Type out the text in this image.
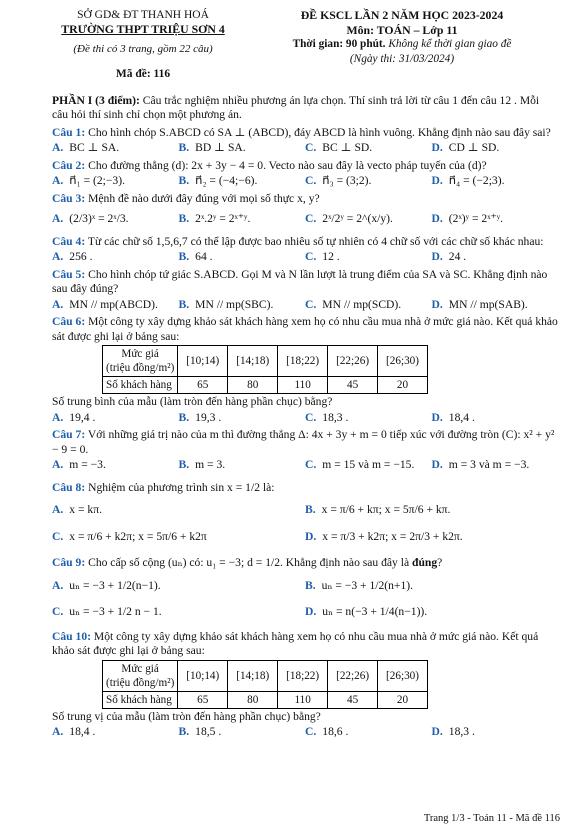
SỞ GD& ĐT THANH HOÁ
TRƯỜNG THPT TRIỆU SƠN 4
(Đề thi có 3 trang, gồm 22 câu)
Mã đề: 116
ĐỀ KSCL LẦN 2 NĂM HỌC 2023-2024
Môn: TOÁN – Lớp 11
Thời gian: 90 phút. Không kể thời gian giao đề
(Ngày thi: 31/03/2024)

PHẦN I (3 điểm): Câu trắc nghiệm nhiều phương án lựa chọn. Thí sinh trả lời từ câu 1 đến câu 12 . Mỗi câu hỏi thí sinh chỉ chọn một phương án.

Câu 1: Cho hình chóp S.ABCD có SA ⊥ (ABCD), đáy ABCD là hình vuông. Khẳng định nào sau đây sai?

A. BC ⊥ SA.	B. BD ⊥ SA.	C. BC ⊥ SD.	D. CD ⊥ SD.

Câu 2: Cho đường thẳng (d): 2x + 3y − 4 = 0. Vecto nào sau đây là vecto pháp tuyến của (d)?

A. n⃗₁ = (2;−3).	B. n⃗₂ = (−4;−6).	C. n⃗₃ = (3;2).	D. n⃗₄ = (−2;3).

Câu 3: Mệnh đề nào dưới đây đúng với mọi số thực x, y?

A. (2/3)ˣ = 2ˣ/3.	B. 2ˣ.2ʸ = 2ˣ⁺ʸ.	C. 2ˣ/2ʸ = 2^(x/y).	D. (2ˣ)ʸ = 2ˣ⁺ʸ.

Câu 4: Từ các chữ số 1,5,6,7 có thể lập được bao nhiêu số tự nhiên có 4 chữ số với các chữ số khác nhau:

A. 256 .	B. 64 .	C. 12 .	D. 24 .

Câu 5: Cho hình chóp tứ giác S.ABCD. Gọi M và N lần lượt là trung điểm của SA và SC. Khẳng định nào sau đây đúng?

A. MN // mp(ABCD).	B. MN // mp(SBC).	C. MN // mp(SCD).	D. MN // mp(SAB).

Câu 6: Một công ty xây dựng khảo sát khách hàng xem họ có nhu cầu mua nhà ở mức giá nào. Kết quả khảo sát được ghi lại ở bảng sau:

Mức giá
(triệu đồng/m²)	[10;14)	[14;18)	[18;22)	[22;26)	[26;30)
Số khách hàng	65	80	110	45	20

Số trung bình của mẫu (làm tròn đến hàng phần chục) bằng?

A. 19,4 .	B. 19,3 .	C. 18,3 .	D. 18,4 .

Câu 7: Với những giá trị nào của m thì đường thẳng Δ: 4x + 3y + m = 0 tiếp xúc với đường tròn (C): x² + y² − 9 = 0.

A. m = −3.	B. m = 3.	C. m = 15 và m = −15.	D. m = 3 và m = −3.

Câu 8: Nghiệm của phương trình sin x = 1/2 là:

A. x = kπ.	B. x = π/6 + kπ; x = 5π/6 + kπ.
C. x = π/6 + k2π; x = 5π/6 + k2π	D. x = π/3 + k2π; x = 2π/3 + k2π.

Câu 9: Cho cấp số cộng (uₙ) có: u₁ = −3; d = 1/2. Khẳng định nào sau đây là đúng?

A. uₙ = −3 + 1/2(n−1).	B. uₙ = −3 + 1/2(n+1).
C. uₙ = −3 + 1/2 n − 1.	D. uₙ = n(−3 + 1/4(n−1)).

Câu 10: Một công ty xây dựng khảo sát khách hàng xem họ có nhu cầu mua nhà ở mức giá nào. Kết quả khảo sát được ghi lại ở bảng sau:

Mức giá
(triệu đồng/m²)	[10;14)	[14;18)	[18;22)	[22;26)	[26;30)
Số khách hàng	65	80	110	45	20

Số trung vị của mẫu (làm tròn đến hàng phần chục) bằng?

A. 18,4 .	B. 18,5 .	C. 18,6 .	D. 18,3 .
Trang 1/3 - Toán 11 - Mã đề 116
